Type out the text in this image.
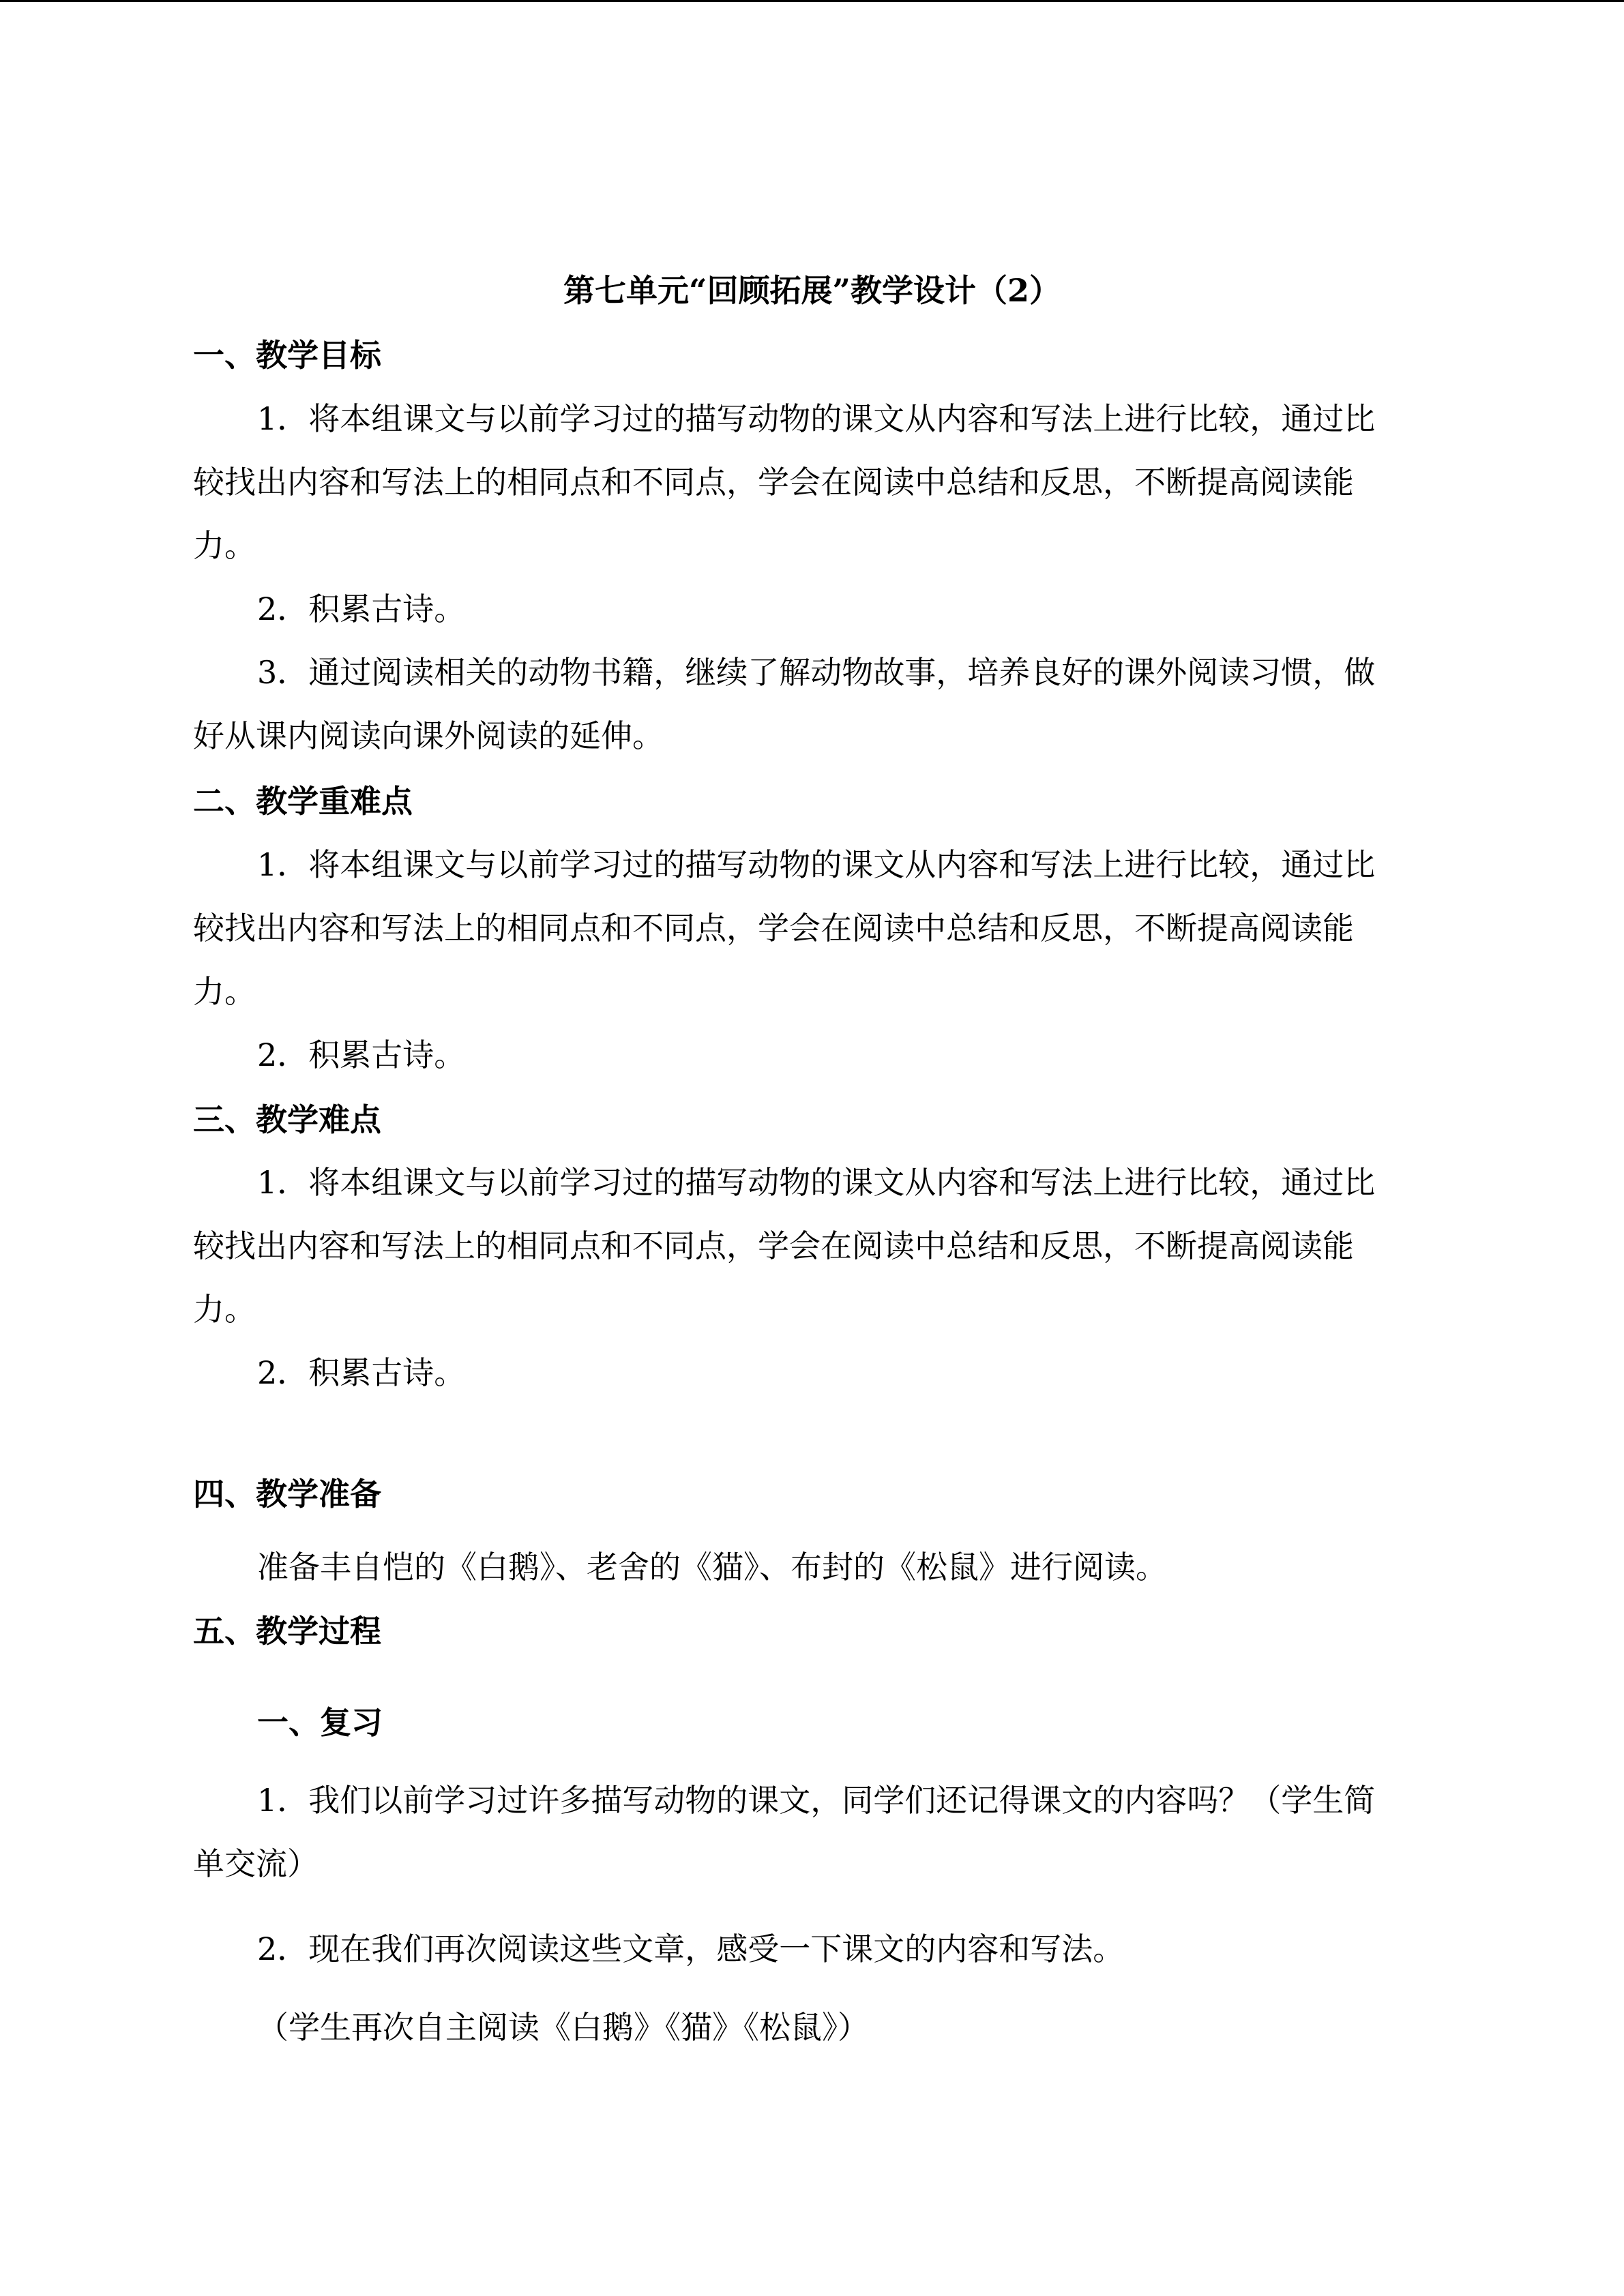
第七单元“回顾拓展”教学设计（2）
一、教学目标
1．将本组课文与以前学习过的描写动物的课文从内容和写法上进行比较，通过比
较找出内容和写法上的相同点和不同点，学会在阅读中总结和反思，不断提高阅读能
力。
2．积累古诗。
3．通过阅读相关的动物书籍，继续了解动物故事，培养良好的课外阅读习惯，做
好从课内阅读向课外阅读的延伸。
二、教学重难点
1．将本组课文与以前学习过的描写动物的课文从内容和写法上进行比较，通过比
较找出内容和写法上的相同点和不同点，学会在阅读中总结和反思，不断提高阅读能
力。
2．积累古诗。
三、教学难点
1．将本组课文与以前学习过的描写动物的课文从内容和写法上进行比较，通过比
较找出内容和写法上的相同点和不同点，学会在阅读中总结和反思，不断提高阅读能
力。
2．积累古诗。
四、教学准备
准备丰自恺的《白鹅》、老舍的《猫》、布封的《松鼠》进行阅读。
五、教学过程
一、复习
1．我们以前学习过许多描写动物的课文，同学们还记得课文的内容吗？（学生简
单交流）
2．现在我们再次阅读这些文章，感受一下课文的内容和写法。
（学生再次自主阅读《白鹅》《猫》《松鼠》）
